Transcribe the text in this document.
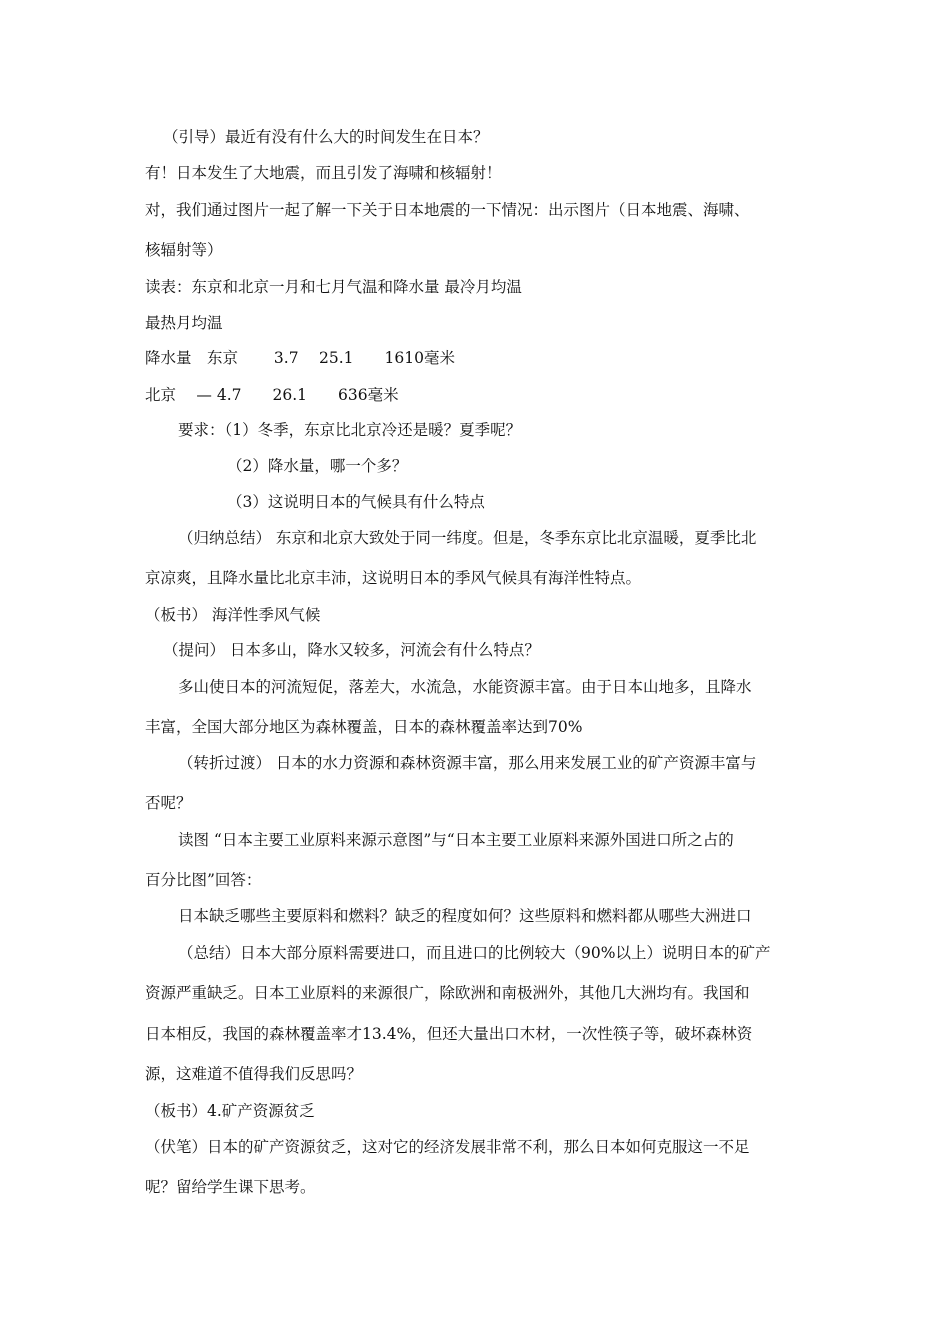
（引导）最近有没有什么大的时间发生在日本？
有！日本发生了大地震，而且引发了海啸和核辐射！
对，我们通过图片一起了解一下关于日本地震的一下情况：出示图片（日本地震、海啸、
核辐射等）
读表：东京和北京一月和七月气温和降水量 最冷月均温
最热月均温
降水量　东京　　 3.7　 25.1　　1610毫米
北京　 — 4.7　　26.1　　636毫米
要求：（1）冬季，东京比北京冷还是暖？夏季呢？
（2）降水量，哪一个多？
（3）这说明日本的气候具有什么特点
（归纳总结） 东京和北京大致处于同一纬度。但是，冬季东京比北京温暖，夏季比北
京凉爽，且降水量比北京丰沛，这说明日本的季风气候具有海洋性特点。
（板书） 海洋性季风气候
（提问） 日本多山，降水又较多，河流会有什么特点？
多山使日本的河流短促，落差大，水流急，水能资源丰富。由于日本山地多，且降水
丰富，全国大部分地区为森林覆盖，日本的森林覆盖率达到70%
（转折过渡） 日本的水力资源和森林资源丰富，那么用来发展工业的矿产资源丰富与
否呢？
读图 “日本主要工业原料来源示意图”与“日本主要工业原料来源外国进口所之占的
百分比图”回答：
日本缺乏哪些主要原料和燃料？缺乏的程度如何？这些原料和燃料都从哪些大洲进口
（总结）日本大部分原料需要进口，而且进口的比例较大（90%以上）说明日本的矿产
资源严重缺乏。日本工业原料的来源很广，除欧洲和南极洲外，其他几大洲均有。我国和
日本相反，我国的森林覆盖率才13.4%，但还大量出口木材，一次性筷子等，破坏森林资
源，这难道不值得我们反思吗？
（板书）4.矿产资源贫乏
（伏笔）日本的矿产资源贫乏，这对它的经济发展非常不利，那么日本如何克服这一不足
呢？留给学生课下思考。
